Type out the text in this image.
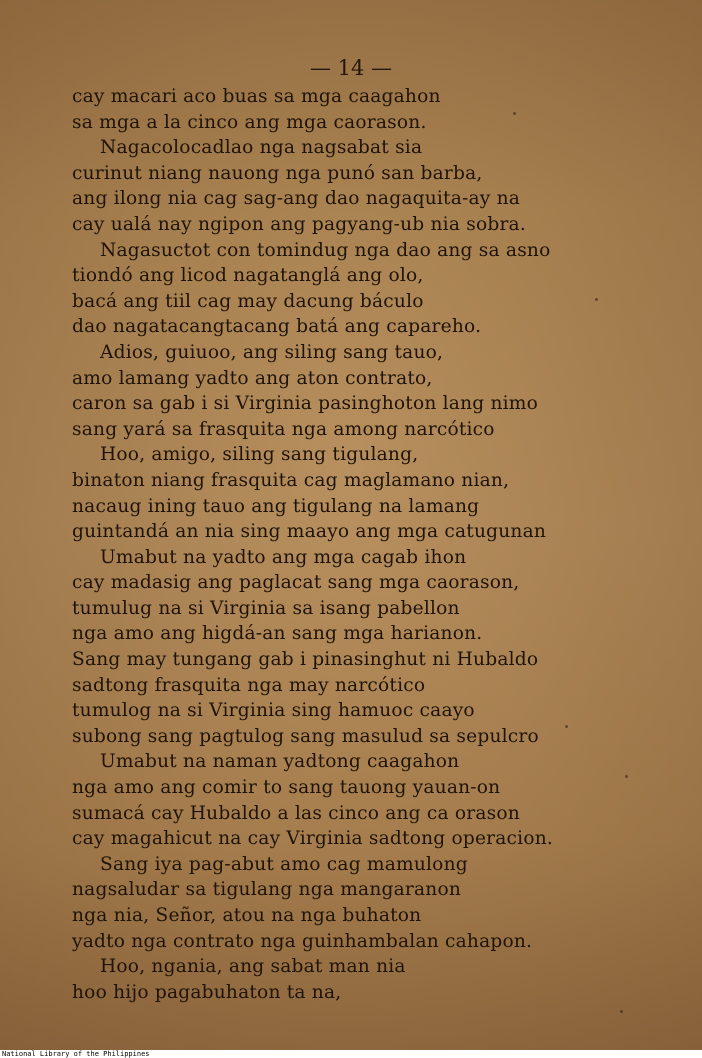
— 14 —
cay macari aco buas sa mga caagahon
sa mga a la cinco ang mga caorason.
Nagacolocadlao nga nagsabat sia
curinut niang nauong nga punó san barba,
ang ilong nia cag sag-ang dao nagaquita-ay na
cay ualá nay ngipon ang pagyang-ub nia sobra.
Nagasuctot con tomindug nga dao ang sa asno
tiondó ang licod nagatanglá ang olo,
bacá ang tiil cag may dacung báculo
dao nagatacangtacang batá ang capareho.
Adios, guiuoo, ang siling sang tauo,
amo lamang yadto ang aton contrato,
caron sa gab i si Virginia pasinghoton lang nimo
sang yará sa frasquita nga among narcótico
Hoo, amigo, siling sang tigulang,
binaton niang frasquita cag maglamano nian,
nacaug ining tauo ang tigulang na lamang
guintandá an nia sing maayo ang mga catugunan
Umabut na yadto ang mga cagab ihon
cay madasig ang paglacat sang mga caorason,
tumulug na si Virginia sa isang pabellon
nga amo ang higdá-an sang mga harianon.
Sang may tungang gab i pinasinghut ni Hubaldo
sadtong frasquita nga may narcótico
tumulog na si Virginia sing hamuoc caayo
subong sang pagtulog sang masulud sa sepulcro
Umabut na naman yadtong caagahon
nga amo ang comir to sang tauong yauan-on
sumacá cay Hubaldo a las cinco ang ca orason
cay magahicut na cay Virginia sadtong operacion.
Sang iya pag-abut amo cag mamulong
nagsaludar sa tigulang nga mangaranon
nga nia, Señor, atou na nga buhaton
yadto nga contrato nga guinhambalan cahapon.
Hoo, ngania, ang sabat man nia
hoo hijo pagabuhaton ta na,
National Library of the Philippines
